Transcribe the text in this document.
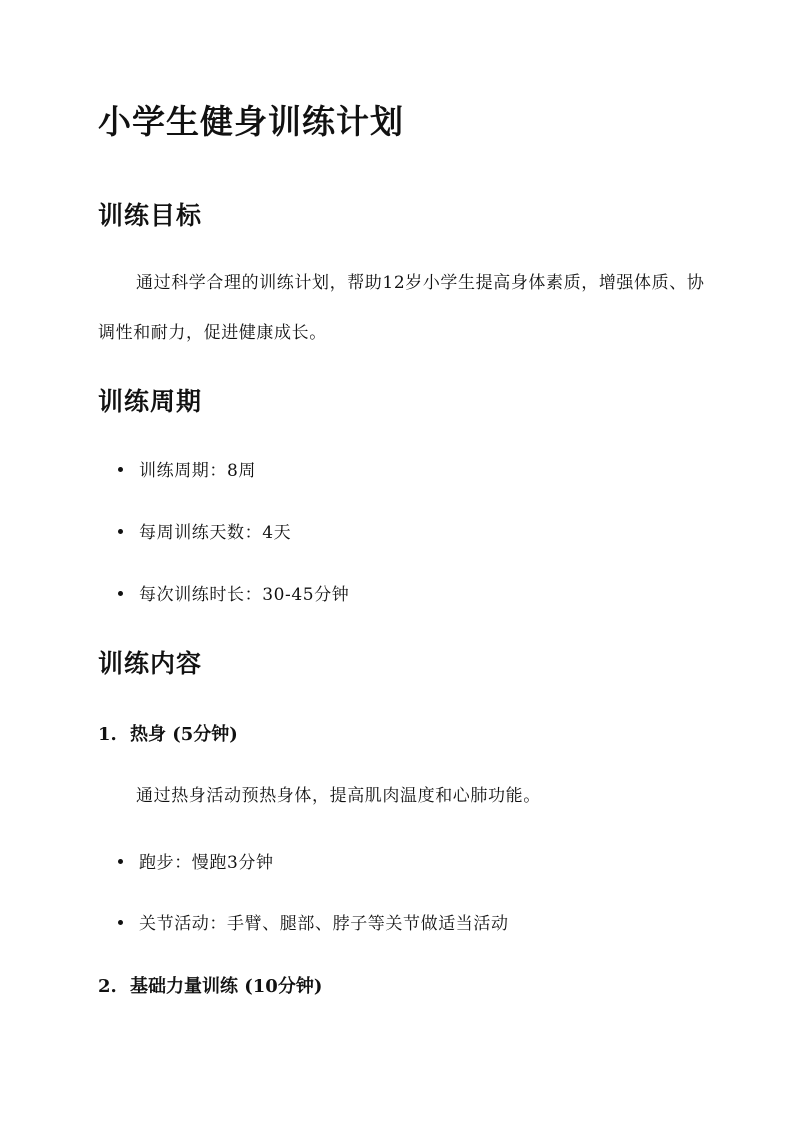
小学生健身训练计划
训练目标
通过科学合理的训练计划，帮助12岁小学生提高身体素质，增强体质、协调性和耐力，促进健康成长。
训练周期
训练周期：8周
每周训练天数：4天
每次训练时长：30-45分钟
训练内容
1. 热身 (5分钟)
通过热身活动预热身体，提高肌肉温度和心肺功能。
跑步：慢跑3分钟
关节活动：手臂、腿部、脖子等关节做适当活动
2. 基础力量训练 (10分钟)
